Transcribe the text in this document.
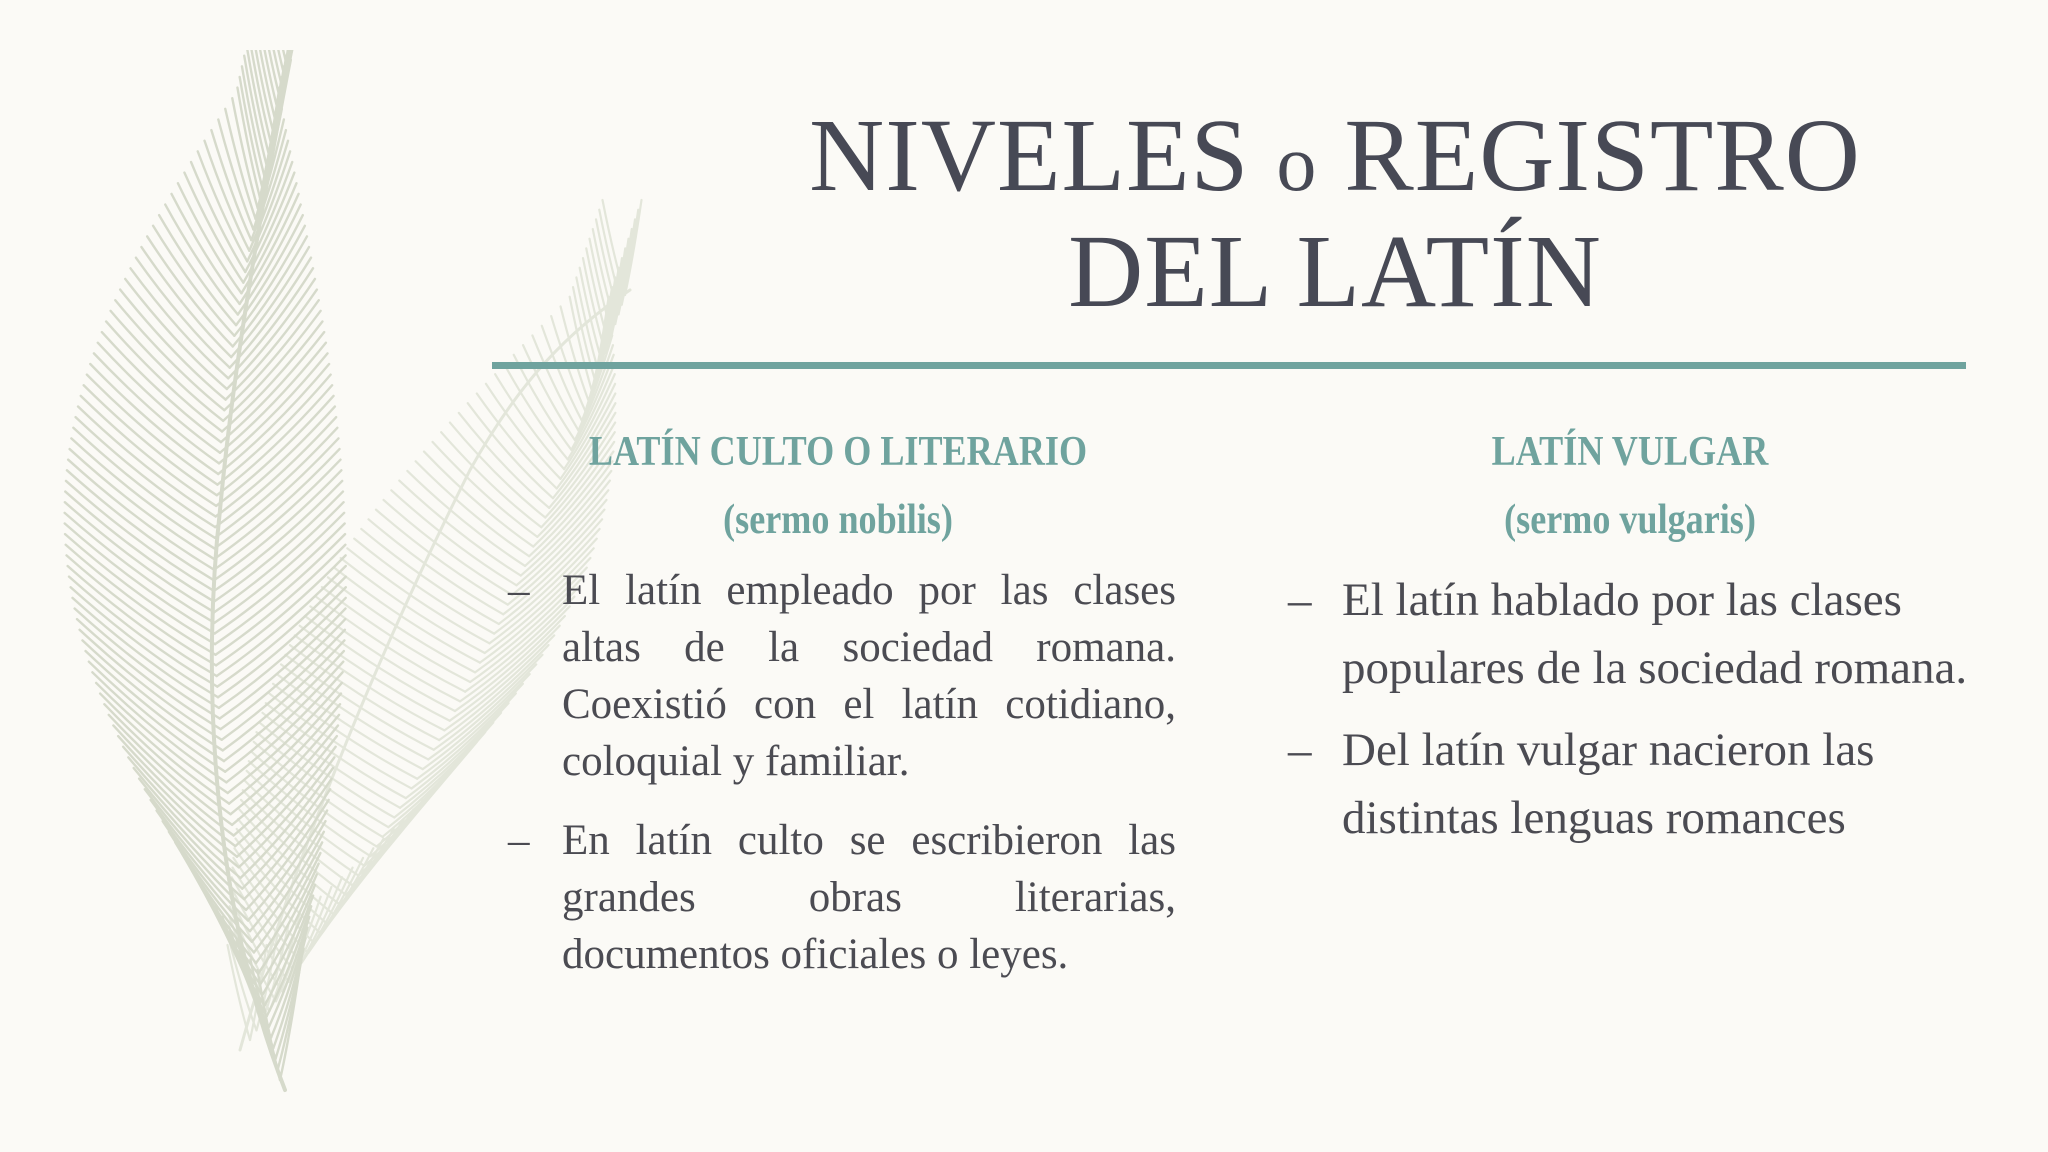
NIVELES o REGISTRO
DEL LATÍN
LATÍN CULTO O LITERARIO
(sermo nobilis)
– El latín empleado por las clases altas de la sociedad romana. Coexistió con el latín cotidiano, coloquial y familiar.
– En latín culto se escribieron las grandes obras literarias, documentos oficiales o leyes.
LATÍN VULGAR
(sermo vulgaris)
– El latín hablado por las clases populares de la sociedad romana.
– Del latín vulgar nacieron las distintas lenguas romances
